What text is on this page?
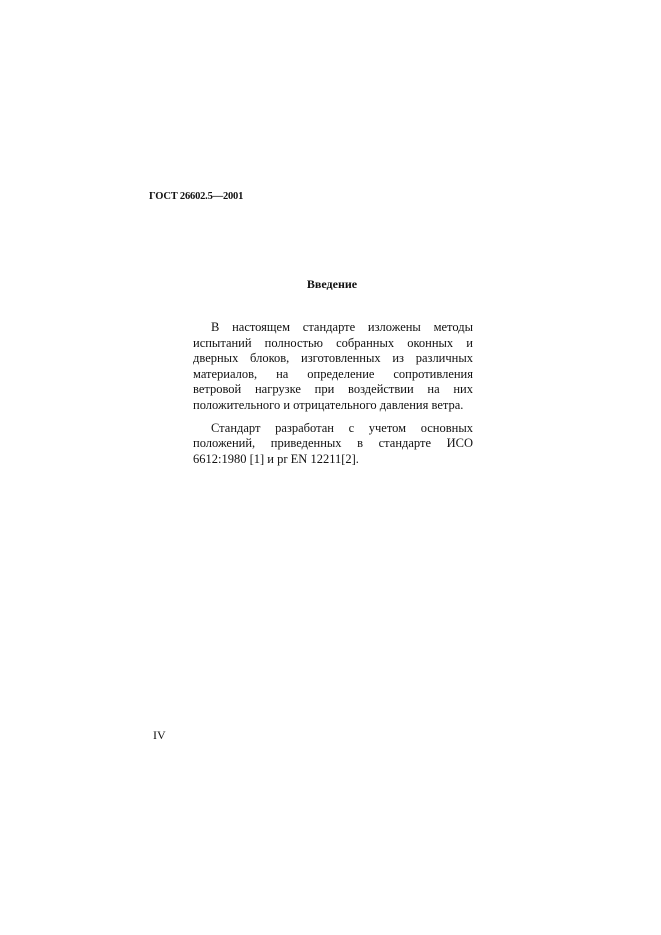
ГОСТ 26602.5—2001
Введение

В настоящем стандарте изложены методы испытаний полностью собранных оконных и дверных блоков, изготовленных из различных материалов, на определение сопротивления ветровой нагрузке при воздействии на них положительного и отрицательного давления ветра.

Стандарт разработан с учетом основных положений, приведенных в стандарте ИСО 6612:1980 [1] и pr EN 12211[2].

IV
